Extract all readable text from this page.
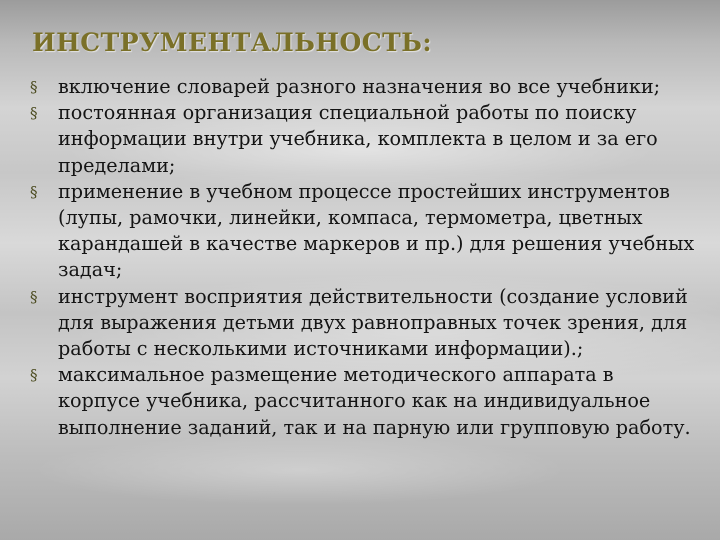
ИНСТРУМЕНТАЛЬНОСТЬ:
§ включение словарей разного назначения во все учебники;
§ постоянная организация специальной работы по поиску информации внутри учебника, комплекта в целом и за его пределами;
§ применение в учебном процессе простейших инструментов (лупы, рамочки, линейки, компаса, термометра, цветных карандашей в качестве маркеров и пр.) для решения учебных задач;
§ инструмент восприятия действительности (создание условий для выражения детьми двух равноправных точек зрения, для работы с несколькими источниками информации).;
§ максимальное размещение методического аппарата в корпусе учебника, рассчитанного как на индивидуальное выполнение заданий, так и на парную или групповую работу.
